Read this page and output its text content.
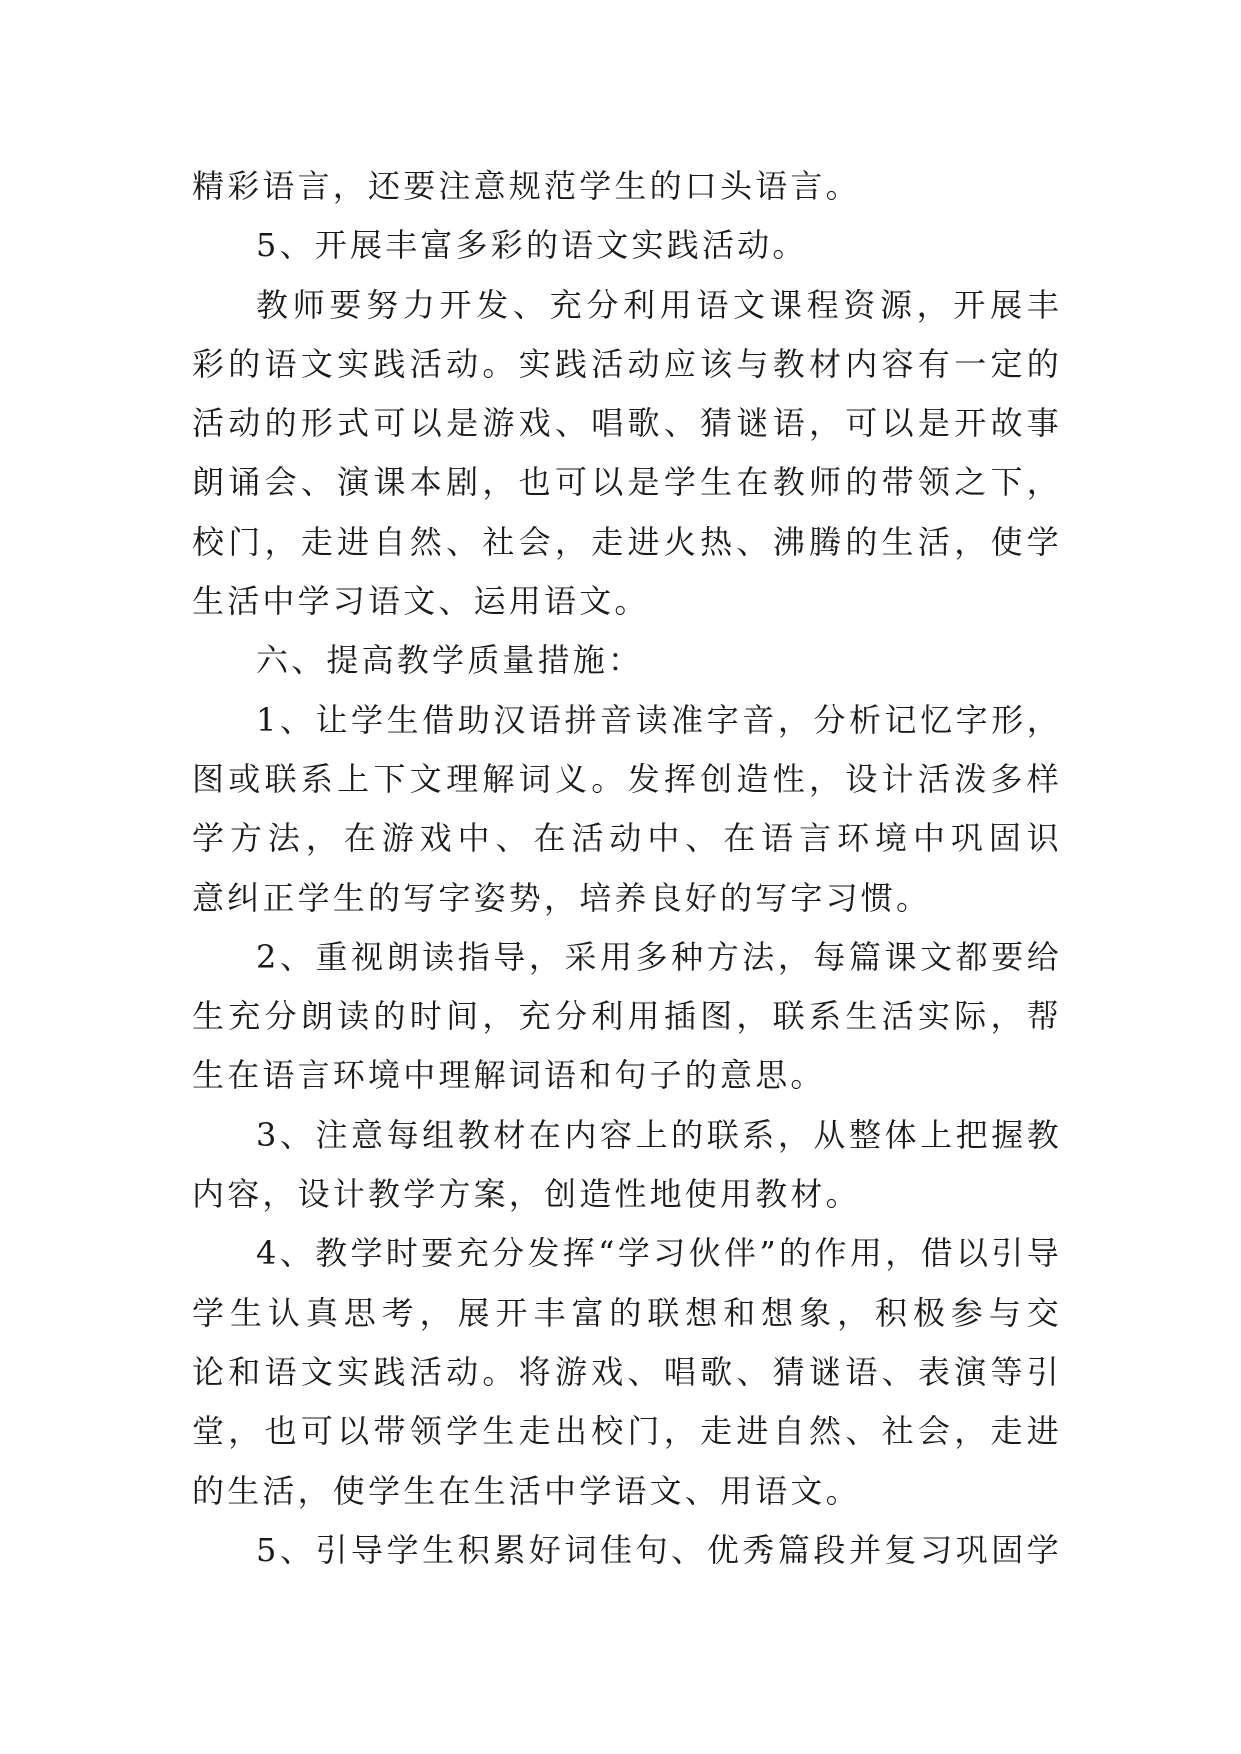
精彩语言，还要注意规范学生的口头语言。
5、开展丰富多彩的语文实践活动。
教师要努力开发、充分利用语文课程资源，开展丰
彩的语文实践活动。实践活动应该与教材内容有一定的
活动的形式可以是游戏、唱歌、猜谜语，可以是开故事
朗诵会、演课本剧，也可以是学生在教师的带领之下，
校门，走进自然、社会，走进火热、沸腾的生活，使学
生活中学习语文、运用语文。
六、提高教学质量措施：
1、让学生借助汉语拼音读准字音，分析记忆字形，
图或联系上下文理解词义。发挥创造性，设计活泼多样
学方法，在游戏中、在活动中、在语言环境中巩固识
意纠正学生的写字姿势，培养良好的写字习惯。
2、重视朗读指导，采用多种方法，每篇课文都要给
生充分朗读的时间，充分利用插图，联系生活实际，帮
生在语言环境中理解词语和句子的意思。
3、注意每组教材在内容上的联系，从整体上把握教
内容，设计教学方案，创造性地使用教材。
4、教学时要充分发挥“学习伙伴”的作用，借以引导
学生认真思考，展开丰富的联想和想象，积极参与交
论和语文实践活动。将游戏、唱歌、猜谜语、表演等引
堂，也可以带领学生走出校门，走进自然、社会，走进
的生活，使学生在生活中学语文、用语文。
5、引导学生积累好词佳句、优秀篇段并复习巩固学
